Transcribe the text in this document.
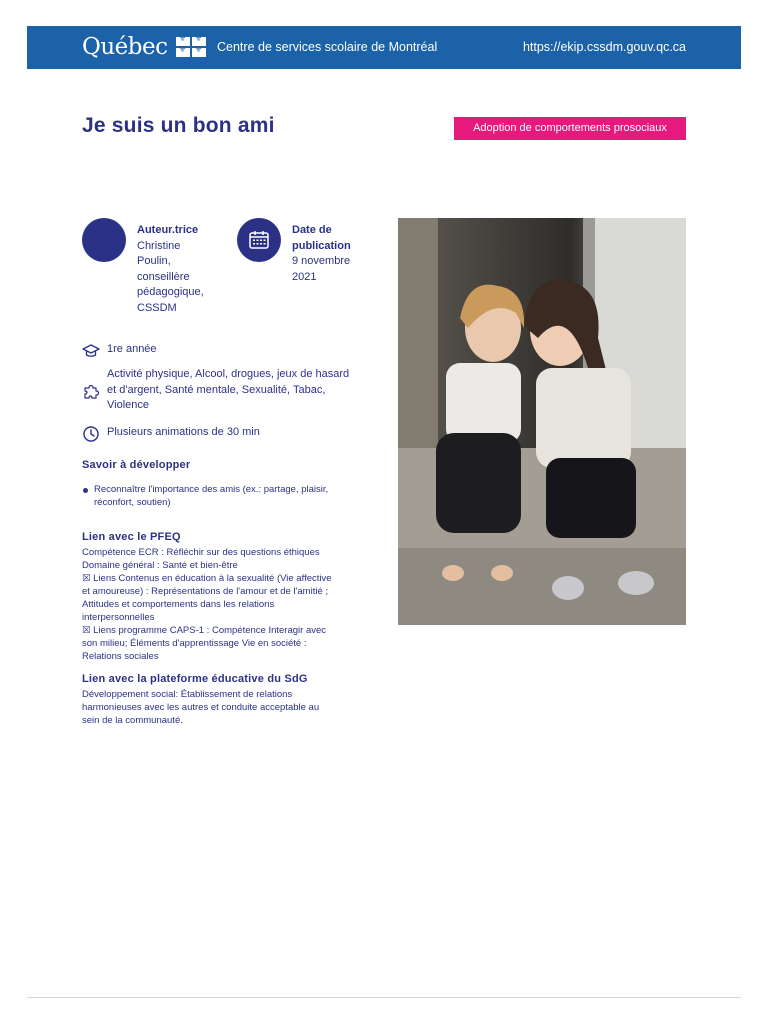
Québec ⚜ ⚜
⚜
⚜	Centre de services scolaire de Montréal	https://ekip.cssdm.gouv.qc.ca
Je suis un bon ami	Adoption de comportements prosociaux
Auteur.trice
Christine
Poulin,
conseillère
pédagogique,
CSSDM
Date de
publication
9 novembre
2021
1re année
Activité physique, Alcool, drogues, jeux de hasard
et d'argent, Santé mentale, Sexualité, Tabac,
Violence
Plusieurs animations de 30 min
Savoir à développer
Reconnaître l'importance des amis (ex.: partage, plaisir,
réconfort, soutien)
Lien avec le PFEQ
Compétence ECR : Réfléchir sur des questions éthiques
Domaine général : Santé et bien-être
☒ Liens Contenus en éducation à la sexualité (Vie affective
et amoureuse) : Représentations de l'amour et de l'amitié ;
Attitudes et comportements dans les relations
interpersonnelles
☒ Liens programme CAPS-1 : Compétence Interagir avec
son milieu; Éléments d'apprentissage Vie en société :
Relations sociales
Lien avec la plateforme éducative du SdG
Développement social: Établissement de relations
harmonieuses avec les autres et conduite acceptable au
sein de la communauté.
